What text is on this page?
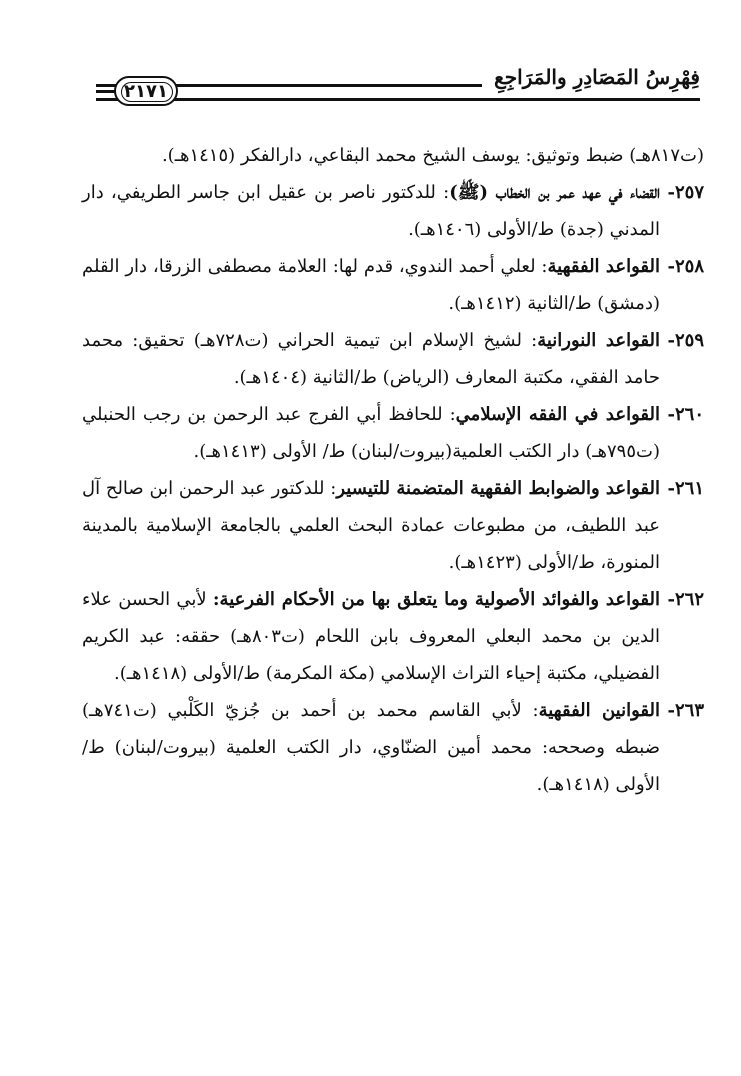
٢١٧١
فِهْرِسُ المَصَادِرِ والمَرَاجِعِ

(ت٨١٧هـ) ضبط وتوثيق: يوسف الشيخ محمد البقاعي، دارالفكر (١٤١٥هـ).

٢٥٧-
القضاء في عهد عمر بن الخطاب (ﷺ): للدكتور ناصر بن عقيل ابن جاسر الطريفي، دار المدني (جدة) ط/الأولى (١٤٠٦هـ).

٢٥٨-
القواعد الفقهية: لعلي أحمد الندوي، قدم لها: العلامة مصطفى الزرقا، دار القلم (دمشق) ط/الثانية (١٤١٢هـ).

٢٥٩-
القواعد النورانية: لشيخ الإسلام ابن تيمية الحراني (ت٧٢٨هـ) تحقيق: محمد حامد الفقي، مكتبة المعارف (الرياض) ط/الثانية (١٤٠٤هـ).

٢٦٠-
القواعد في الفقه الإسلامي: للحافظ أبي الفرج عبد الرحمن بن رجب الحنبلي (ت٧٩٥هـ) دار الكتب العلمية(بيروت/لبنان) ط/ الأولى (١٤١٣هـ).

٢٦١-
القواعد والضوابط الفقهية المتضمنة للتيسير: للدكتور عبد الرحمن ابن صالح آل عبد اللطيف، من مطبوعات عمادة البحث العلمي بالجامعة الإسلامية بالمدينة المنورة، ط/الأولى (١٤٢٣هـ).

٢٦٢-
القواعد والفوائد الأصولية وما يتعلق بها من الأحكام الفرعية: لأبي الحسن علاء الدين بن محمد البعلي المعروف بابن اللحام (ت٨٠٣هـ) حققه: عبد الكريم الفضيلي، مكتبة إحياء التراث الإسلامي (مكة المكرمة) ط/الأولى (١٤١٨هـ).

٢٦٣-
القوانين الفقهية: لأبي القاسم محمد بن أحمد بن جُزيّ الكَلْبي (ت٧٤١هـ) ضبطه وصححه: محمد أمين الضنّاوي، دار الكتب العلمية (بيروت/لبنان) ط/الأولى (١٤١٨هـ).
